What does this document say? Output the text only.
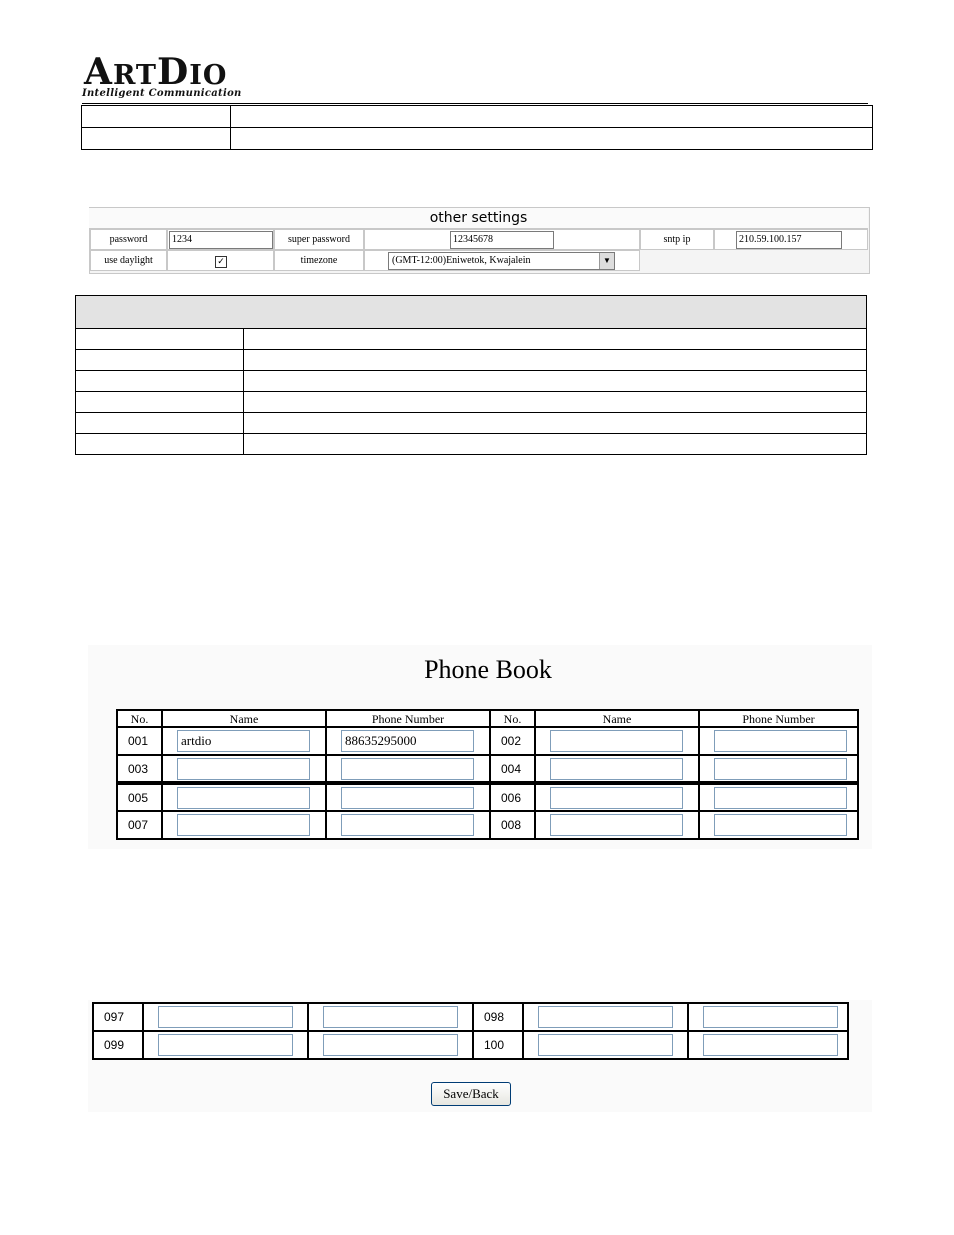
ARTDIO
Intelligent Communication

other settings
password	1234	super password	12345678	sntp ip	210.59.100.157
use daylight	✓	timezone	(GMT-12:00)Eniwetok, Kwajalein	▼

Phone Book
No.	Name	Phone Number	No.	Name	Phone Number
001	artdio	88635295000	002	

003			004	

005			006	

007			008	

097			098	

099			100	

Save/Back
